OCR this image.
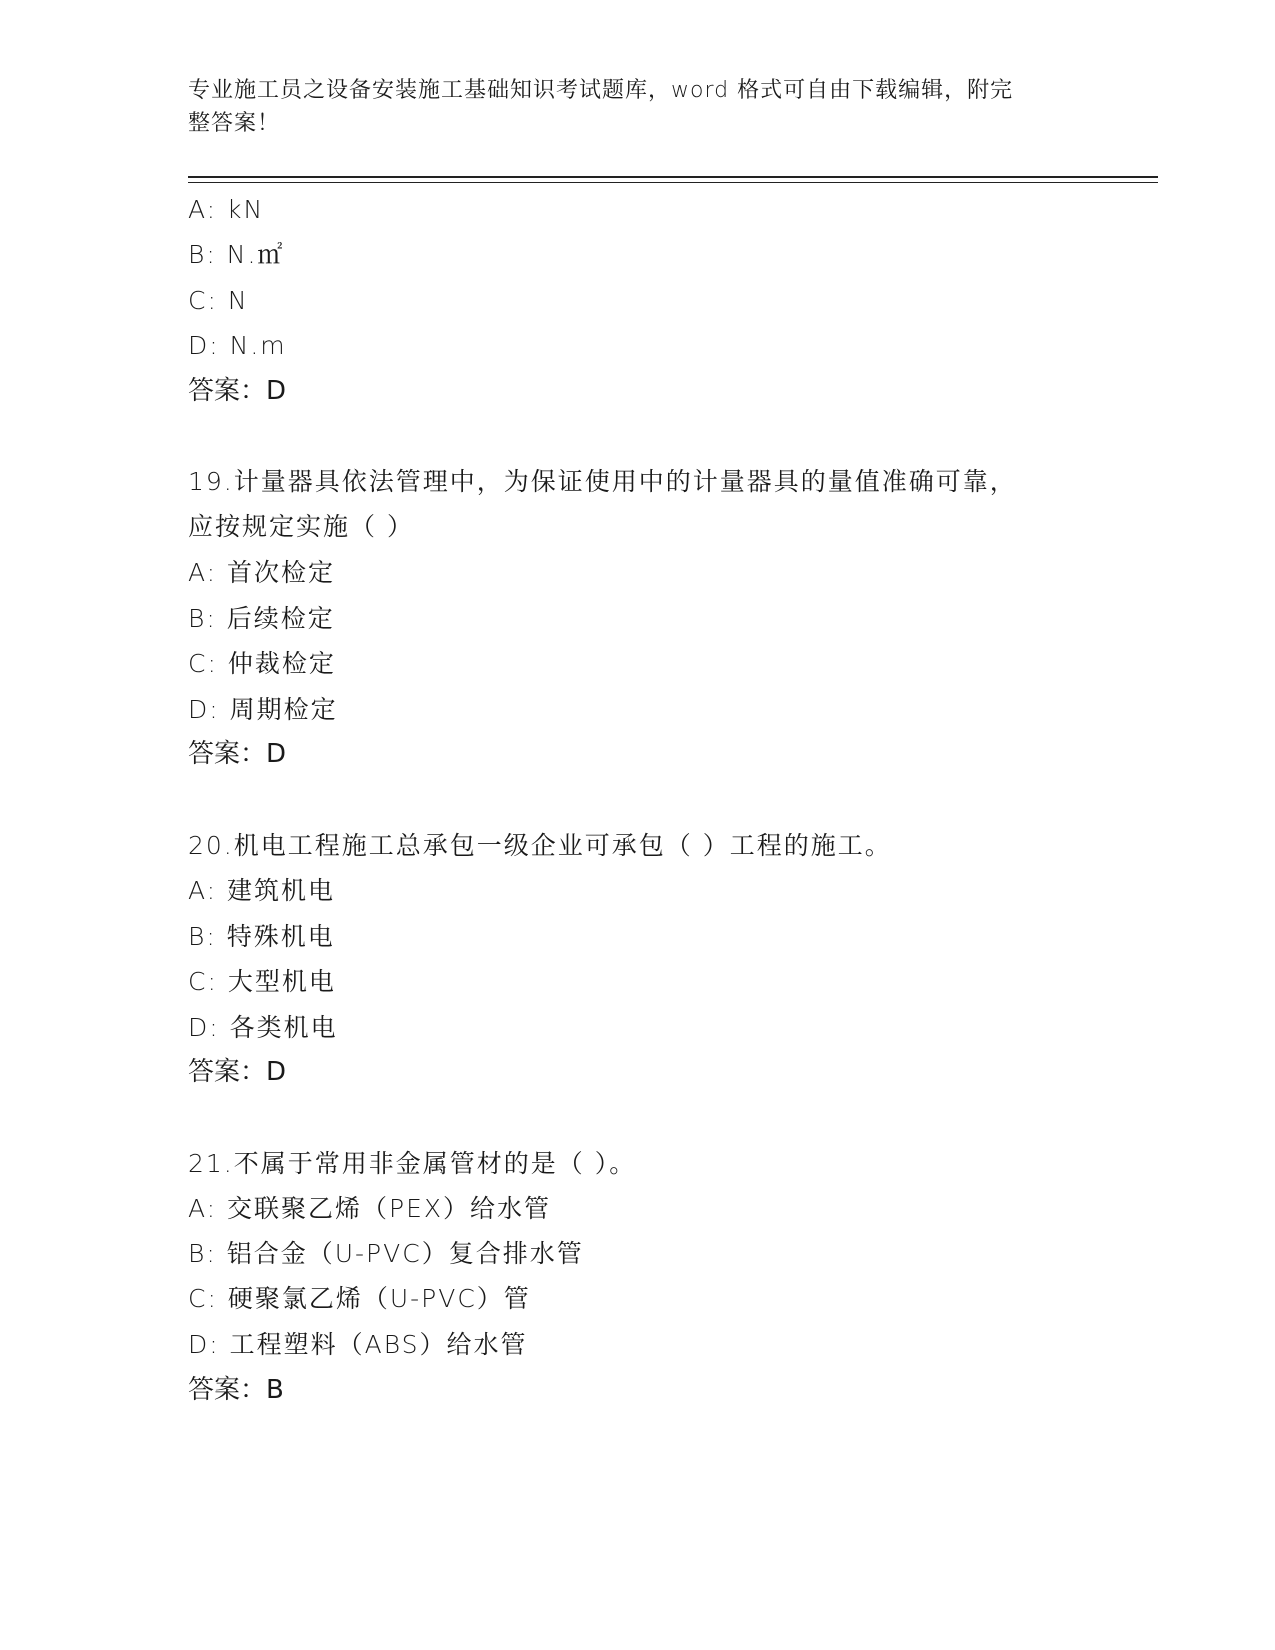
专业施工员之设备安装施工基础知识考试题库，word 格式可自由下载编辑，附完
整答案！
A: kN
B: N.㎡
C: N
D: N.m
答案：D
19.计量器具依法管理中，为保证使用中的计量器具的量值准确可靠，
应按规定实施（ ）
A: 首次检定
B: 后续检定
C: 仲裁检定
D: 周期检定
答案：D
20.机电工程施工总承包一级企业可承包（ ）工程的施工。
A: 建筑机电
B: 特殊机电
C: 大型机电
D: 各类机电
答案：D
21.不属于常用非金属管材的是（ ）。
A: 交联聚乙烯（PEX）给水管
B: 铝合金（U-PVC）复合排水管
C: 硬聚氯乙烯（U-PVC）管
D: 工程塑料（ABS）给水管
答案：B
